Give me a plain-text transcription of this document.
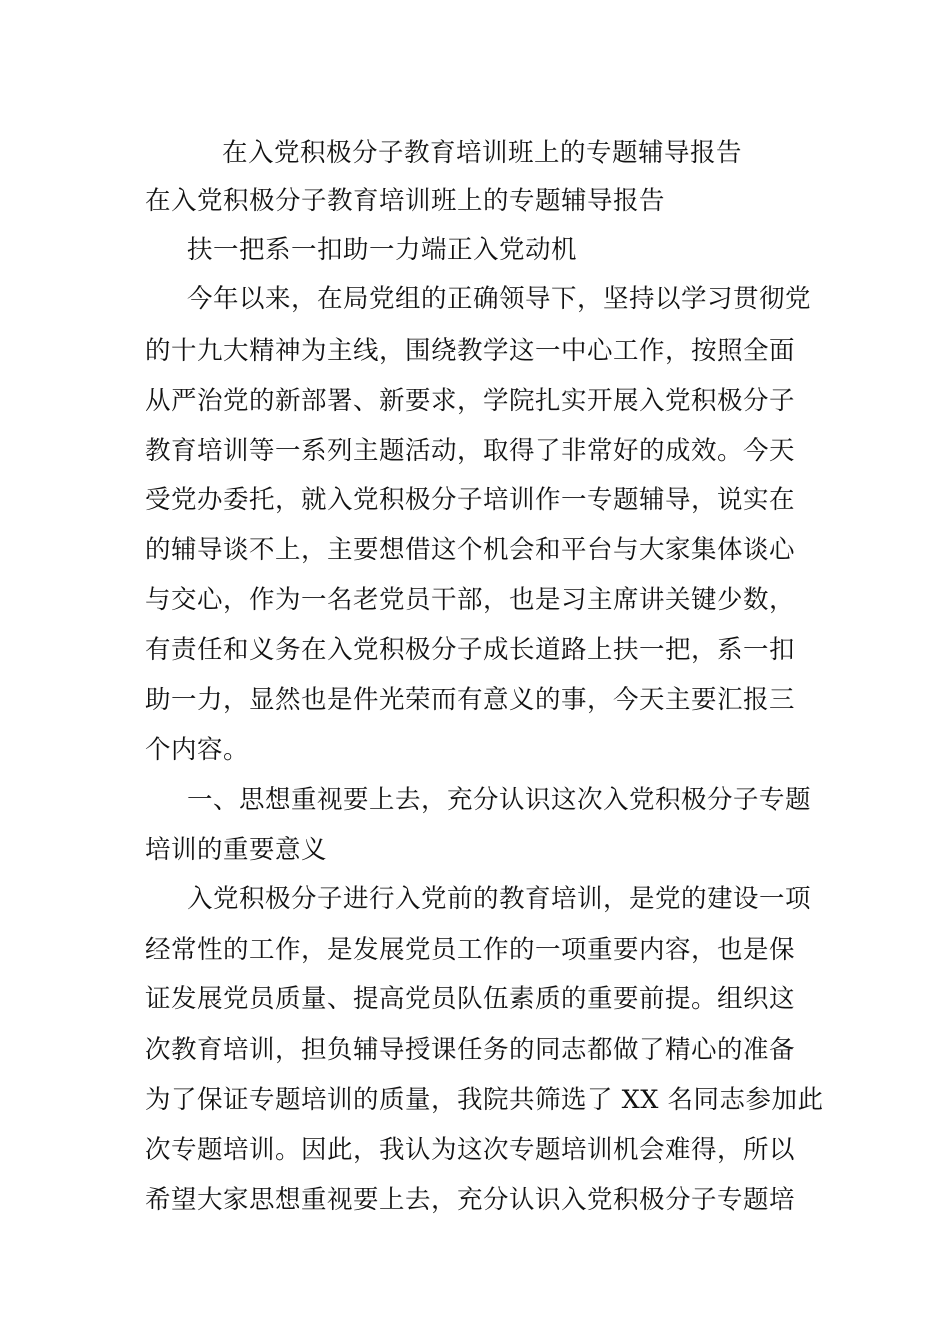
在入党积极分子教育培训班上的专题辅导报告
在入党积极分子教育培训班上的专题辅导报告
扶一把系一扣助一力端正入党动机
今年以来，在局党组的正确领导下，坚持以学习贯彻党
的十九大精神为主线，围绕教学这一中心工作，按照全面
从严治党的新部署、新要求，学院扎实开展入党积极分子
教育培训等一系列主题活动，取得了非常好的成效。今天
受党办委托，就入党积极分子培训作一专题辅导，说实在
的辅导谈不上，主要想借这个机会和平台与大家集体谈心
与交心，作为一名老党员干部，也是习主席讲关键少数，
有责任和义务在入党积极分子成长道路上扶一把，系一扣
助一力，显然也是件光荣而有意义的事，今天主要汇报三
个内容。
一、思想重视要上去，充分认识这次入党积极分子专题
培训的重要意义
入党积极分子进行入党前的教育培训，是党的建设一项
经常性的工作，是发展党员工作的一项重要内容，也是保
证发展党员质量、提高党员队伍素质的重要前提。组织这
次教育培训，担负辅导授课任务的同志都做了精心的准备
为了保证专题培训的质量，我院共筛选了 XX 名同志参加此
次专题培训。因此，我认为这次专题培训机会难得，所以
希望大家思想重视要上去，充分认识入党积极分子专题培
